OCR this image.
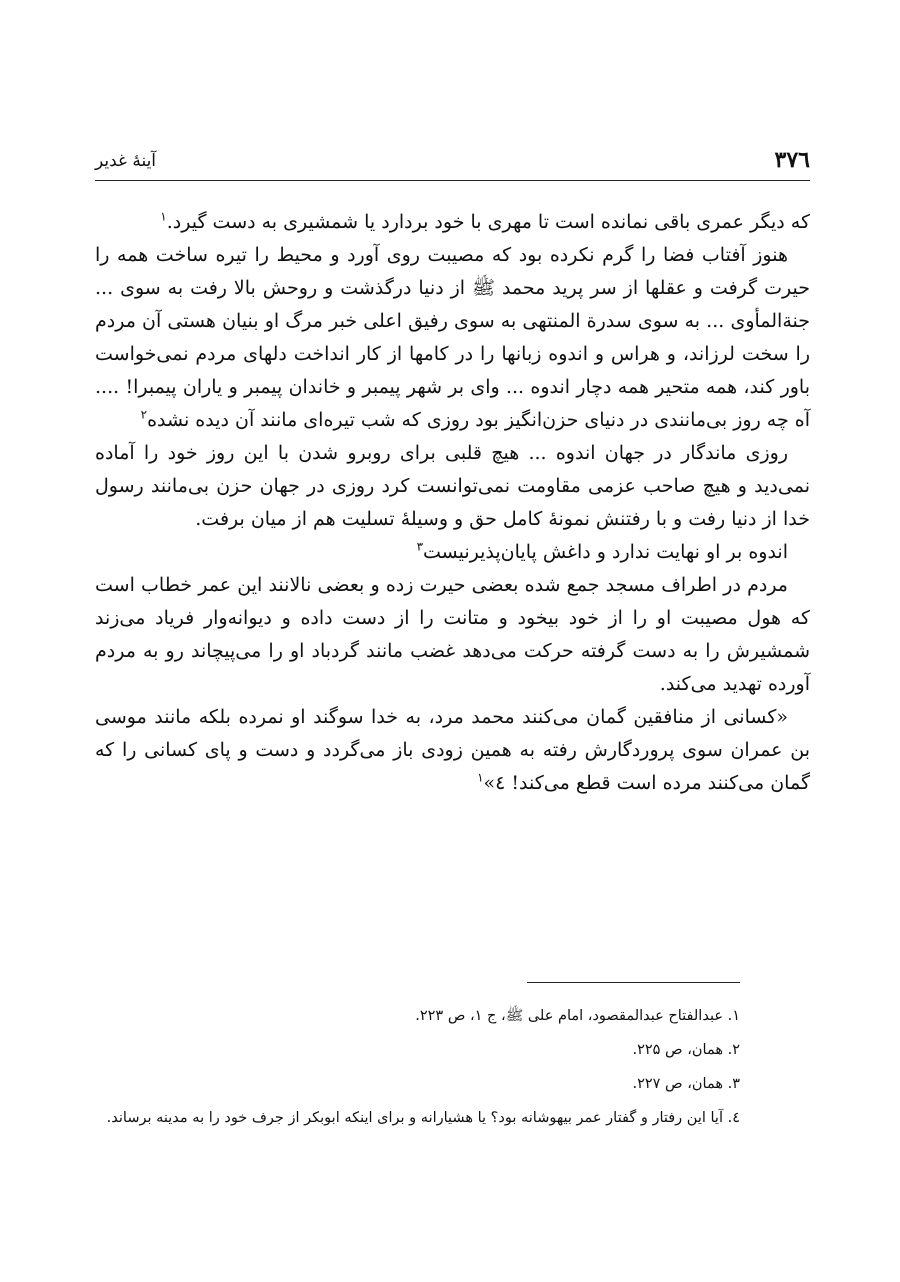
۳۷٦
آینهٔ غدیر

که دیگر عمری باقی نمانده است تا مهری با خود بردارد یا شمشیری به دست گیرد.$^۱$

هنوز آفتاب فضا را گرم نکرده بود که مصیبت روی آورد و محیط را تیره ساخت همه را حیرت گرفت و عقلها از سر پرید محمد ﷺ از دنیا درگذشت و روحش بالا رفت به سوی ... جنةالمأوی ... به سوی سدرة المنتهی به سوی رفیق اعلی خبر مرگ او بنیان هستی آن مردم را سخت لرزاند، و هراس و اندوه زبانها را در کامها از کار انداخت دلهای مردم نمی‌خواست باور کند، همه متحیر همه دچار اندوه ... وای بر شهر پیمبر و خاندان پیمبر و یاران پیمبرا! .... آه چه روز بی‌مانندی در دنیای حزن‌انگیز بود روزی که شب تیره‌ای مانند آن دیده نشده$^۲$

روزی ماندگار در جهان اندوه ... هیچ قلبی برای روبرو شدن با این روز خود را آماده نمی‌دید و هیچ صاحب عزمی مقاومت نمی‌توانست کرد روزی در جهان حزن بی‌مانند رسول خدا از دنیا رفت و با رفتنش نمونهٔ کامل حق و وسیلهٔ تسلیت هم از میان برفت.

اندوه بر او نهایت ندارد و داغش پایان‌پذیرنیست$^۳$

مردم در اطراف مسجد جمع شده بعضی حیرت زده و بعضی نالانند این عمر خطاب است که هول مصیبت او را از خود بیخود و متانت را از دست داده و دیوانه‌وار فریاد می‌زند شمشیرش را به دست گرفته حرکت می‌دهد غضب مانند گردباد او را می‌پیچاند رو به مردم آورده تهدید می‌کند.

«کسانی از منافقین گمان می‌کنند محمد مرد، به خدا سوگند او نمرده بلکه مانند موسی بن عمران سوی پروردگارش رفته به همین زودی باز می‌گردد و دست و پای کسانی را که گمان می‌کنند مرده است قطع می‌کند! ٤»$^۱$

۱. عبدالفتاح عبدالمقصود، امام علی ﷺ، ج ۱، ص ۲۲۳.

۲. همان، ص ۲۲۵.

۳. همان، ص ۲۲۷.

٤. آیا این رفتار و گفتار عمر بیهوشانه بود؟ یا هشیارانه و برای اینکه ابوبکر از جرف خود را به مدینه برساند.
